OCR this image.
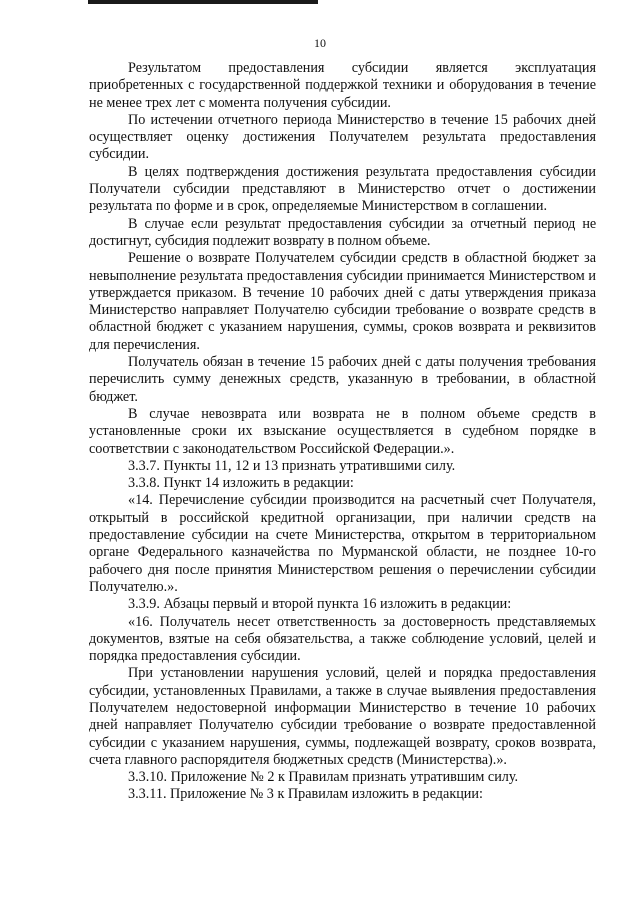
10

Результатом предоставления субсидии является эксплуатация приобретенных с государственной поддержкой техники и оборудования в течение не менее трех лет с момента получения субсидии.

По истечении отчетного периода Министерство в течение 15 рабочих дней осуществляет оценку достижения Получателем результата предоставления субсидии.

В целях подтверждения достижения результата предоставления субсидии Получатели субсидии представляют в Министерство отчет о достижении результата по форме и в срок, определяемые Министерством в соглашении.

В случае если результат предоставления субсидии за отчетный период не достигнут, субсидия подлежит возврату в полном объеме.

Решение о возврате Получателем субсидии средств в областной бюджет за невыполнение результата предоставления субсидии принимается Министерством и утверждается приказом. В течение 10 рабочих дней с даты утверждения приказа Министерство направляет Получателю субсидии требование о возврате средств в областной бюджет с указанием нарушения, суммы, сроков возврата и реквизитов для перечисления.

Получатель обязан в течение 15 рабочих дней с даты получения требования перечислить сумму денежных средств, указанную в требовании, в областной бюджет.

В случае невозврата или возврата не в полном объеме средств в установленные сроки их взыскание осуществляется в судебном порядке в соответствии с законодательством Российской Федерации.».

3.3.7. Пункты 11, 12 и 13 признать утратившими силу.

3.3.8. Пункт 14 изложить в редакции:

«14. Перечисление субсидии производится на расчетный счет Получателя, открытый в российской кредитной организации, при наличии средств на предоставление субсидии на счете Министерства, открытом в территориальном органе Федерального казначейства по Мурманской области, не позднее 10-го рабочего дня после принятия Министерством решения о перечислении субсидии Получателю.».

3.3.9. Абзацы первый и второй пункта 16 изложить в редакции:

«16. Получатель несет ответственность за достоверность представляемых документов, взятые на себя обязательства, а также соблюдение условий, целей и порядка предоставления субсидии.

При установлении нарушения условий, целей и порядка предоставления субсидии, установленных Правилами, а также в случае выявления предоставления Получателем недостоверной информации Министерство в течение 10 рабочих дней направляет Получателю субсидии требование о возврате предоставленной субсидии с указанием нарушения, суммы, подлежащей возврату, сроков возврата, счета главного распорядителя бюджетных средств (Министерства).».

3.3.10. Приложение № 2 к Правилам признать утратившим силу.

3.3.11. Приложение № 3 к Правилам изложить в редакции:
